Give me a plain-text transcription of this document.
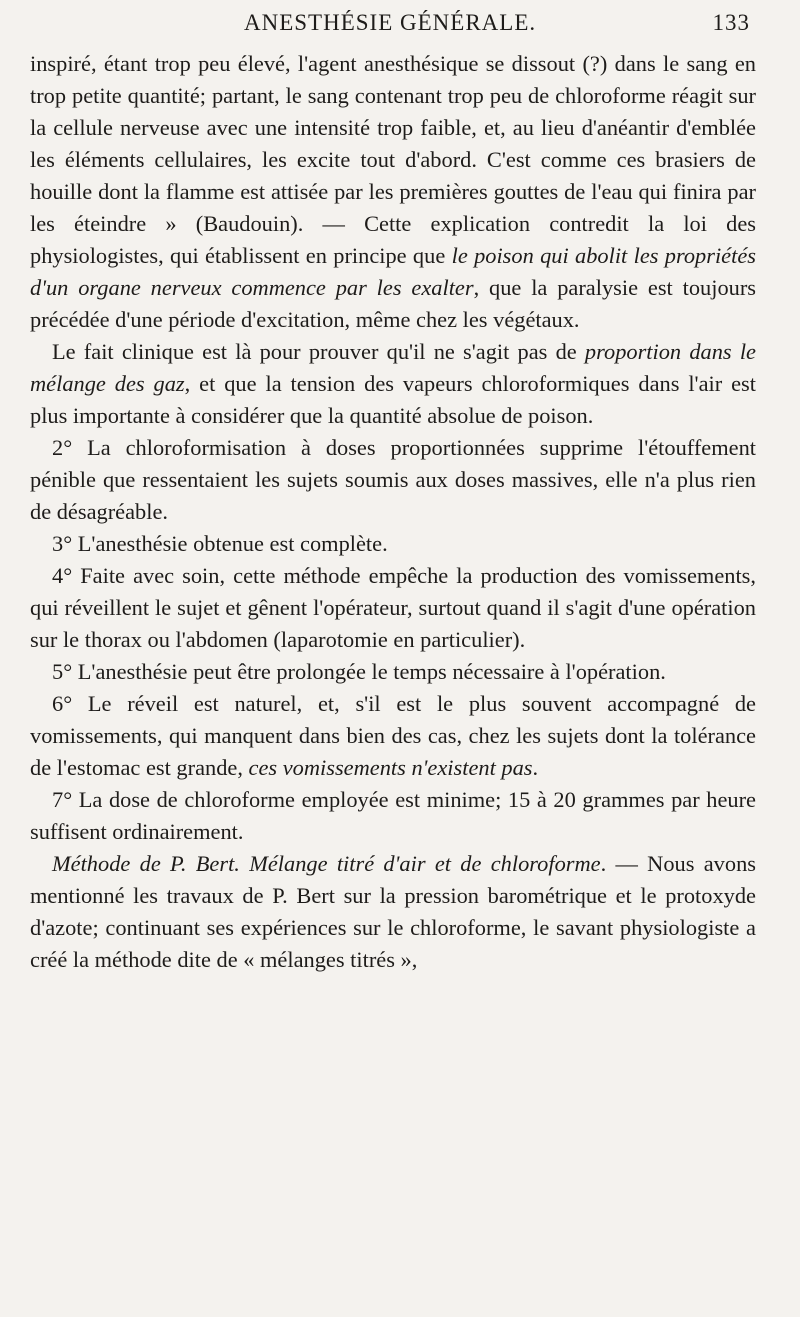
ANESTHÉSIE GÉNÉRALE.	133

inspiré, étant trop peu élevé, l'agent anesthésique se dissout (?) dans le sang en trop petite quantité; partant, le sang contenant trop peu de chloroforme réagit sur la cellule nerveuse avec une intensité trop faible, et, au lieu d'anéantir d'emblée les éléments cellulaires, les excite tout d'abord. C'est comme ces brasiers de houille dont la flamme est attisée par les premières gouttes de l'eau qui finira par les éteindre » (Baudouin). — Cette explication contredit la loi des physiologistes, qui établissent en principe que le poison qui abolit les propriétés d'un organe nerveux commence par les exalter, que la paralysie est toujours précédée d'une période d'excitation, même chez les végétaux.

Le fait clinique est là pour prouver qu'il ne s'agit pas de proportion dans le mélange des gaz, et que la tension des vapeurs chloroformiques dans l'air est plus importante à considérer que la quantité absolue de poison.

2° La chloroformisation à doses proportionnées supprime l'étouffement pénible que ressentaient les sujets soumis aux doses massives, elle n'a plus rien de désagréable.

3° L'anesthésie obtenue est complète.

4° Faite avec soin, cette méthode empêche la production des vomissements, qui réveillent le sujet et gênent l'opérateur, surtout quand il s'agit d'une opération sur le thorax ou l'abdomen (laparotomie en particulier).

5° L'anesthésie peut être prolongée le temps nécessaire à l'opération.

6° Le réveil est naturel, et, s'il est le plus souvent accompagné de vomissements, qui manquent dans bien des cas, chez les sujets dont la tolérance de l'estomac est grande, ces vomissements n'existent pas.

7° La dose de chloroforme employée est minime; 15 à 20 grammes par heure suffisent ordinairement.

Méthode de P. Bert. Mélange titré d'air et de chloroforme. — Nous avons mentionné les travaux de P. Bert sur la pression barométrique et le protoxyde d'azote; continuant ses expériences sur le chloroforme, le savant physiologiste a créé la méthode dite de « mélanges titrés »,
